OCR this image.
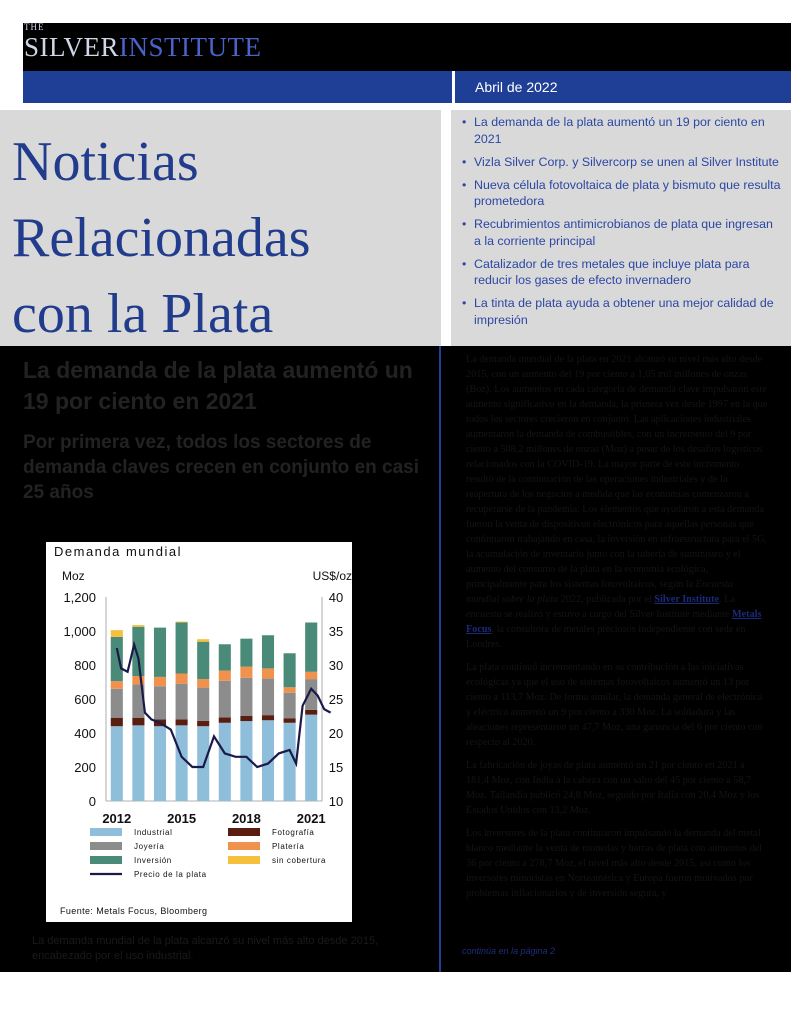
THE
SILVERINSTITUTE
Abril de 2022
Noticias
Relacionadas
con la Plata
• La demanda de la plata aumentó un 19 por ciento en 2021
• Vizla Silver Corp. y Silvercorp se unen al Silver Institute
• Nueva célula fotovoltaica de plata y bismuto que resulta prometedora
• Recubrimientos antimicrobianos de plata que ingresan a la corriente principal
• Catalizador de tres metales que incluye plata para reducir los gases de efecto invernadero
• La tinta de plata ayuda a obtener una mejor calidad de impresión
La demanda de la plata aumentó un 19 por ciento en 2021
Por primera vez, todos los sectores de demanda claves crecen en conjunto en casi 25 años
Demanda mundial
Moz	US$/oz
0
200
400
600
800
1,000
1,200
10
15
20
25
30
35
40
2012	2015	2018	2021
Industrial
Joyería
Inversión
Fotografía
Platería
sin cobertura
Precio de la plata
Fuente: Metals Focus, Bloomberg
La demanda mundial de la plata alcanzó su nivel más alto desde 2015, encabezado por el uso industrial.

La demanda mundial de la plata en 2021 alcanzó su nivel más alto desde 2015, con un aumento del 19 por ciento a 1,05 mil millones de onzas (Boz). Los aumentos en cada categoría de demanda clave impulsaron este aumento significativo en la demanda, la primera vez desde 1997 en la que todos los sectores crecieron en conjunto. Las aplicaciones industriales aumentaron la demanda de combustibles, con un incremento del 9 por ciento a 508,2 millones de onzas (Moz) a pesar de los desafíos logísticos relacionados con la COVID-19. La mayor parte de este incremento resultó de la continuación de las operaciones industriales y de la reapertura de los negocios a medida que las economías comenzaron a recuperarse de la pandemia. Los elementos que ayudaron a esta demanda fueron la venta de dispositivos electrónicos para aquellas personas que continuaron trabajando en casa, la inversión en infraestructura para el 5G, la acumulación de inventario junto con la tubería de suministro y el aumento del consumo de la plata en la economía ecológica, principalmente para los sistemas fotovoltaicos, según la Encuesta mundial sobre la plata 2022, publicada por el Silver Institute. La encuesta se realizó y estuvo a cargo del Silver Institute mediante Metals Focus, la consultora de metales preciosos independiente con sede en Londres.

La plata continuó incrementando en su contribución a las iniciativas ecológicas ya que el uso de sistemas fotovoltaicos aumentó un 13 por ciento a 113,7 Moz. De forma similar, la demanda general de electrónica y eléctrica aumentó un 9 por ciento a 330 Moz. La soldadura y las aleaciones representaron un 47,7 Moz, una ganancia del 6 por ciento con respecto al 2020.

La fabricación de joyas de plata aumentó un 21 por ciento en 2021 a 181,4 Moz, con India a la cabeza con un salto del 45 por ciento a 58,7 Moz. Tailandia publicó 24,8 Moz, seguido por Italia con 20,4 Moz y los Estados Unidos con 13,2 Moz.

Los inversores de la plata continuaron impulsando la demanda del metal blanco mediante la venta de monedas y barras de plata con aumentos del 36 por ciento a 278,7 Moz, el nivel más alto desde 2015, así como los inversores minoristas en Norteamérica y Europa fueron motivados por problemas inflacionarios y de inversión segura, y

continúa en la página 2
